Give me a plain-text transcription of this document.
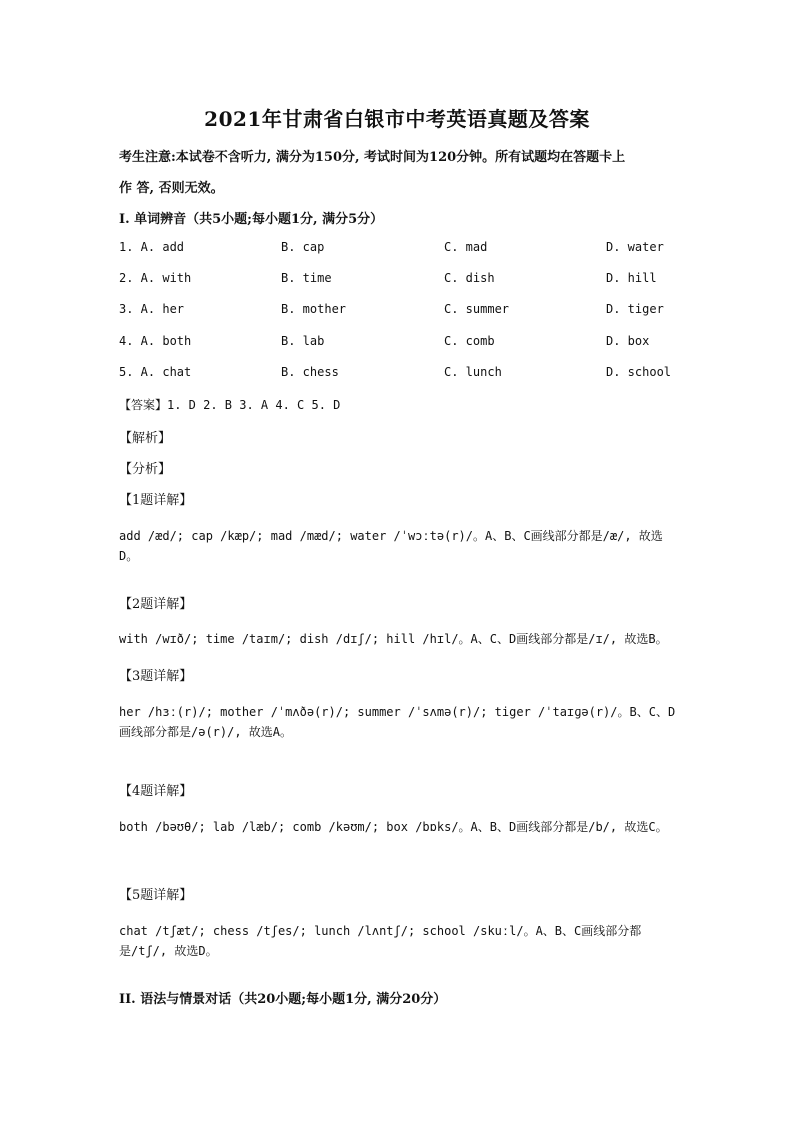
2021年甘肃省白银市中考英语真题及答案
考生注意:本试卷不含听力, 满分为150分, 考试时间为120分钟。所有试题均在答题卡上
作 答, 否则无效。
I. 单词辨音（共5小题;每小题1分, 满分5分）
1. A. add	B. cap	C. mad	D. water
2. A. with	B. time	C. dish	D. hill
3. A. her	B. mother	C. summer	D. tiger
4. A. both	B. lab	C. comb	D. box
5. A. chat	B. chess	C. lunch	D. school
【答案】1. D 2. B 3. A 4. C 5. D
【解析】
【分析】
【1题详解】
add /æd/; cap /kæp/; mad /mæd/; water /ˈwɔːtə(r)/。A、B、C画线部分都是/æ/, 故选D。
【2题详解】
with /wɪð/; time /taɪm/; dish /dɪʃ/; hill /hɪl/。A、C、D画线部分都是/ɪ/, 故选B。
【3题详解】
her /hɜː(r)/; mother /ˈmʌðə(r)/; summer /ˈsʌmə(r)/; tiger /ˈtaɪɡə(r)/。B、C、D画线部分都是/ə(r)/, 故选A。
【4题详解】
both /bəʊθ/; lab /læb/; comb /kəʊm/; box /bɒks/。A、B、D画线部分都是/b/, 故选C。
【5题详解】
chat /tʃæt/; chess /tʃes/; lunch /lʌntʃ/; school /skuːl/。A、B、C画线部分都是/tʃ/, 故选D。
II. 语法与情景对话（共20小题;每小题1分, 满分20分）
